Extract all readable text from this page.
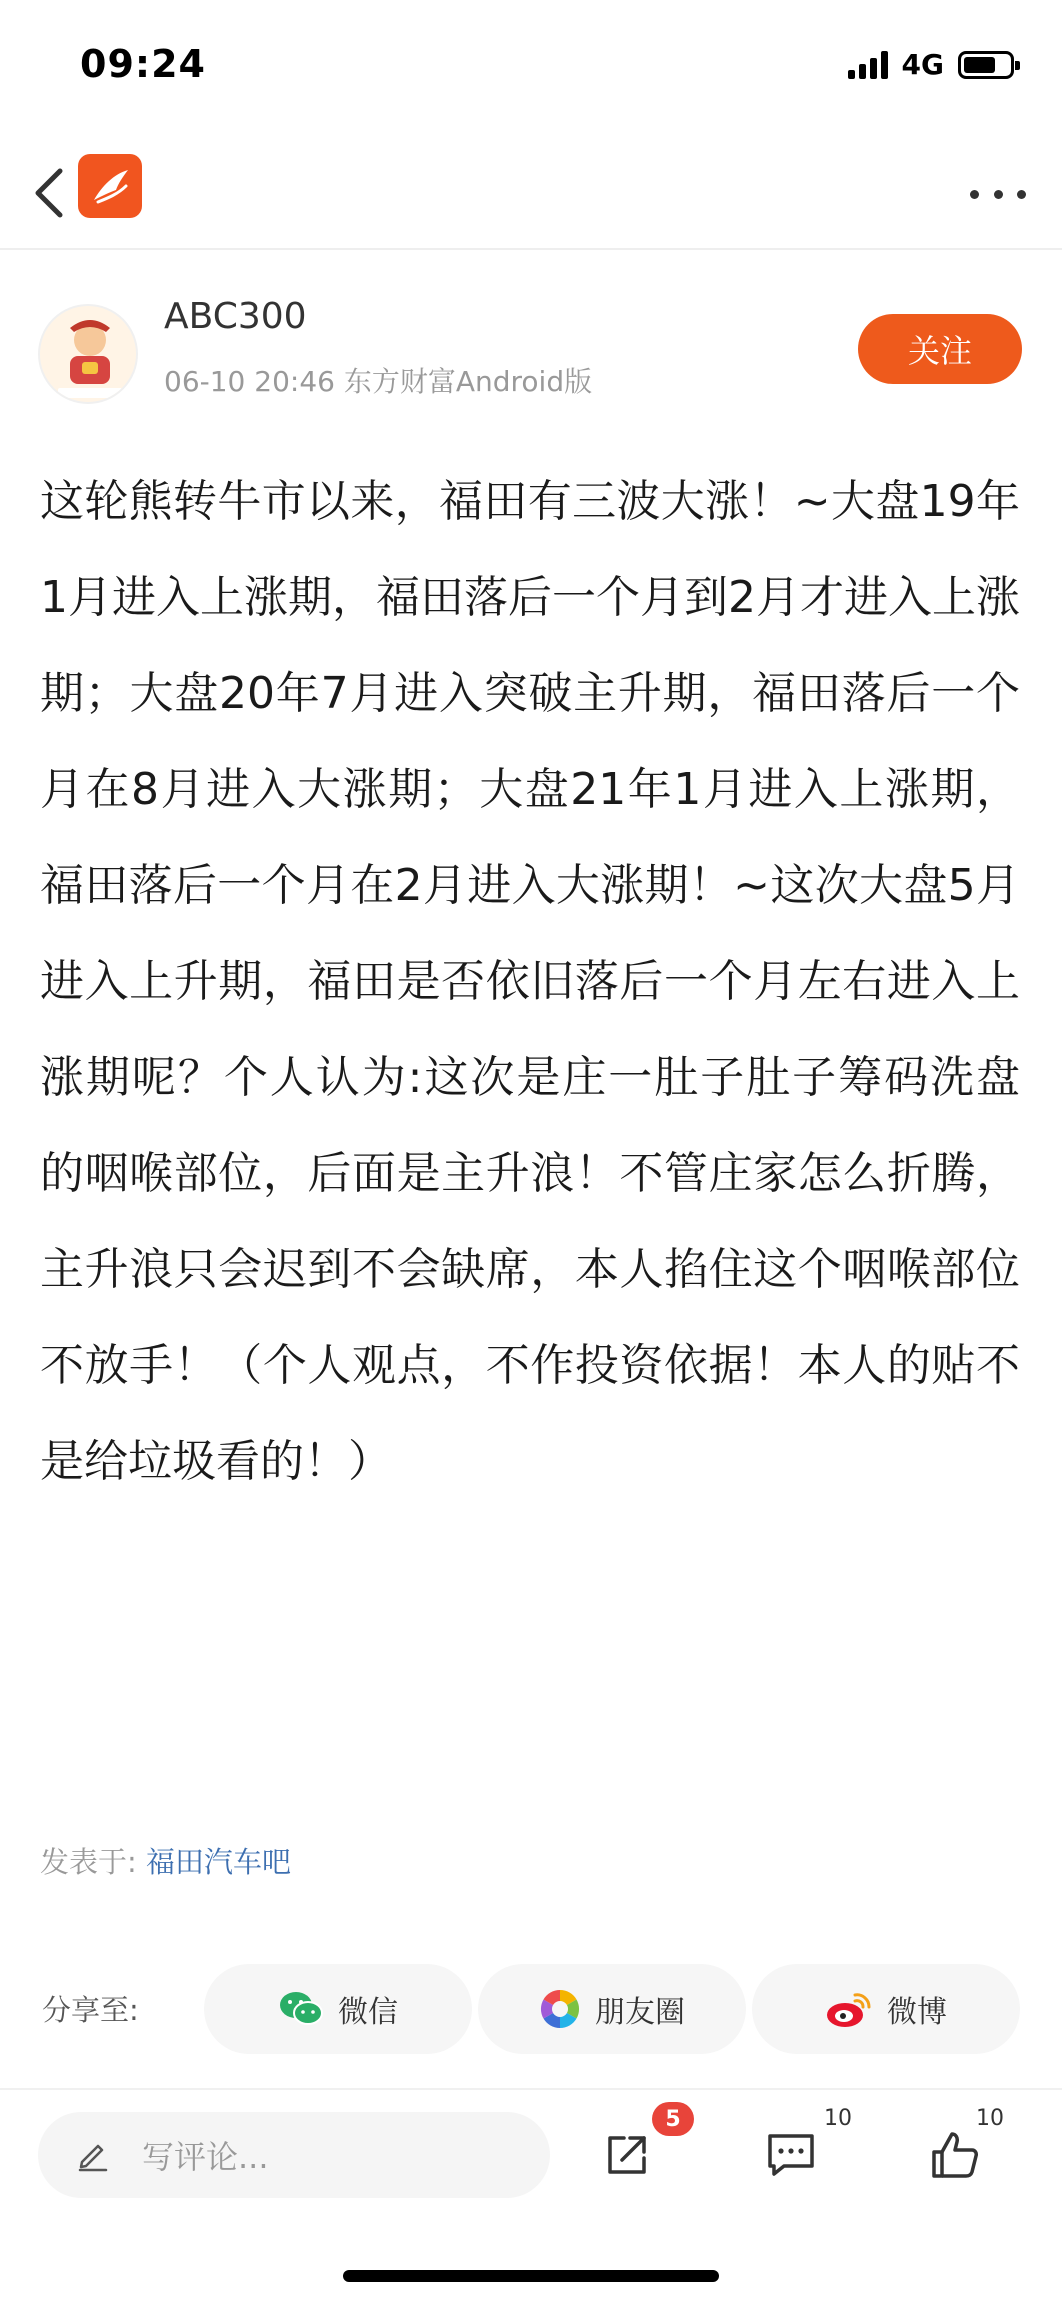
09:24	4G
ABC300
06-10 20:46 东方财富Android版
关注
这轮熊转牛市以来，福田有三波大涨！~大盘19年1月进入上涨期，福田落后一个月到2月才进入上涨期；大盘20年7月进入突破主升期，福田落后一个月在8月进入大涨期；大盘21年1月进入上涨期，福田落后一个月在2月进入大涨期！~这次大盘5月进入上升期，福田是否依旧落后一个月左右进入上涨期呢？个人认为:这次是庄一肚子肚子筹码洗盘的咽喉部位，后面是主升浪！不管庄家怎么折腾，主升浪只会迟到不会缺席，本人掐住这个咽喉部位不放手！（个人观点，不作投资依据！本人的贴不是给垃圾看的！）
发表于: 福田汽车吧
分享至:	微信	朋友圈	微博
写评论...
5	10	10
